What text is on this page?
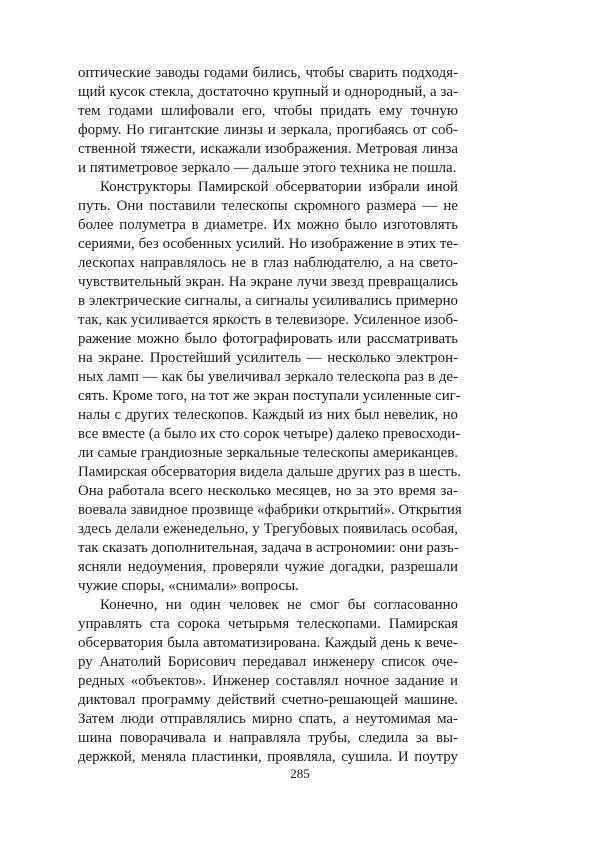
оптические заводы годами бились, чтобы сварить подходя-
щий кусок стекла, достаточно крупный и однородный, а за-
тем годами шлифовали его, чтобы придать ему точную
форму. Но гигантские линзы и зеркала, прогибаясь от соб-
ственной тяжести, искажали изображения. Метровая линза
и пятиметровое зеркало — дальше этого техника не пошла.
Конструкторы Памирской обсерватории избрали иной
путь. Они поставили телескопы скромного размера — не
более полуметра в диаметре. Их можно было изготовлять
сериями, без особенных усилий. Но изображение в этих те-
лескопах направлялось не в глаз наблюдателю, а на свето-
чувствительный экран. На экране лучи звезд превращались
в электрические сигналы, а сигналы усиливались примерно
так, как усиливается яркость в телевизоре. Усиленное изоб-
ражение можно было фотографировать или рассматривать
на экране. Простейший усилитель — несколько электрон-
ных ламп — как бы увеличивал зеркало телескопа раз в де-
сять. Кроме того, на тот же экран поступали усиленные сиг-
налы с других телескопов. Каждый из них был невелик, но
все вместе (а было их сто сорок четыре) далеко превосходи-
ли самые грандиозные зеркальные телескопы американцев.
Памирская обсерватория видела дальше других раз в шесть.
Она работала всего несколько месяцев, но за это время за-
воевала завидное прозвище «фабрики открытий». Открытия
здесь делали еженедельно, у Трегубовых появилась особая,
так сказать дополнительная, задача в астрономии: они разъ-
ясняли недоумения, проверяли чужие догадки, разрешали
чужие споры, «снимали» вопросы.
Конечно, ни один человек не смог бы согласованно
управлять ста сорока четырьмя телескопами. Памирская
обсерватория была автоматизирована. Каждый день к вече-
ру Анатолий Борисович передавал инженеру список оче-
редных «объектов». Инженер составлял ночное задание и
диктовал программу действий счетно-решающей машине.
Затем люди отправлялись мирно спать, а неутомимая ма-
шина поворачивала и направляла трубы, следила за вы-
держкой, меняла пластинки, проявляла, сушила. И поутру
285
